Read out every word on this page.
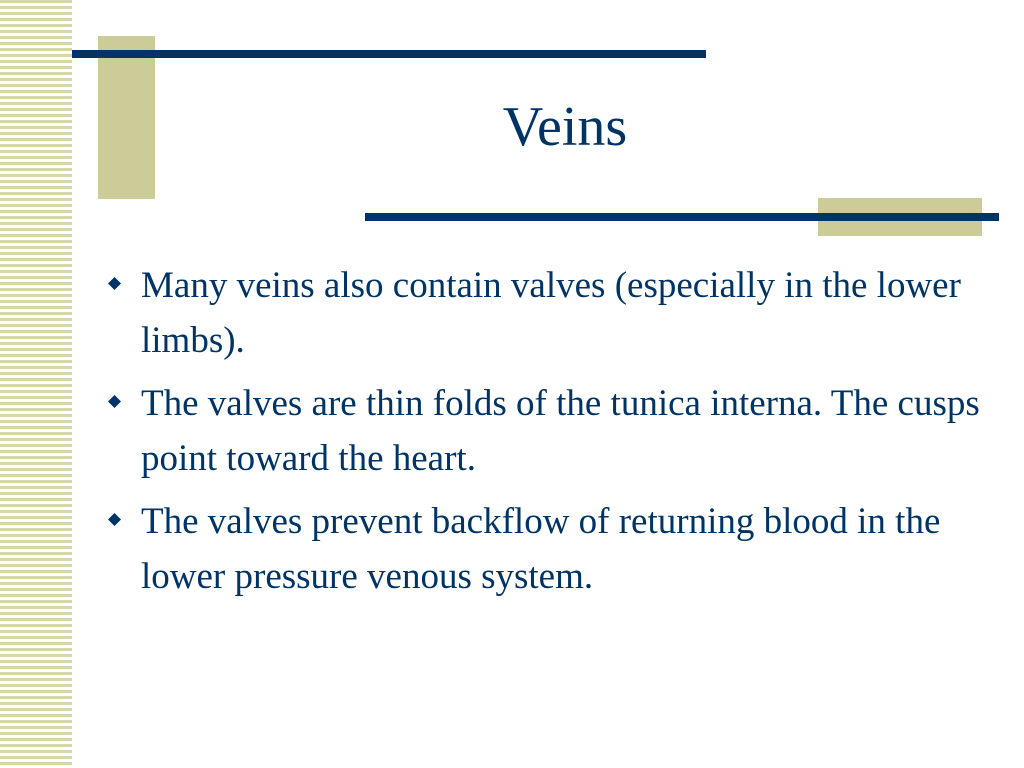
Veins
Many veins also contain valves (especially in the lower limbs).
The valves are thin folds of the tunica interna. The cusps point toward the heart.
The valves prevent backflow of returning blood in the lower pressure venous system.
